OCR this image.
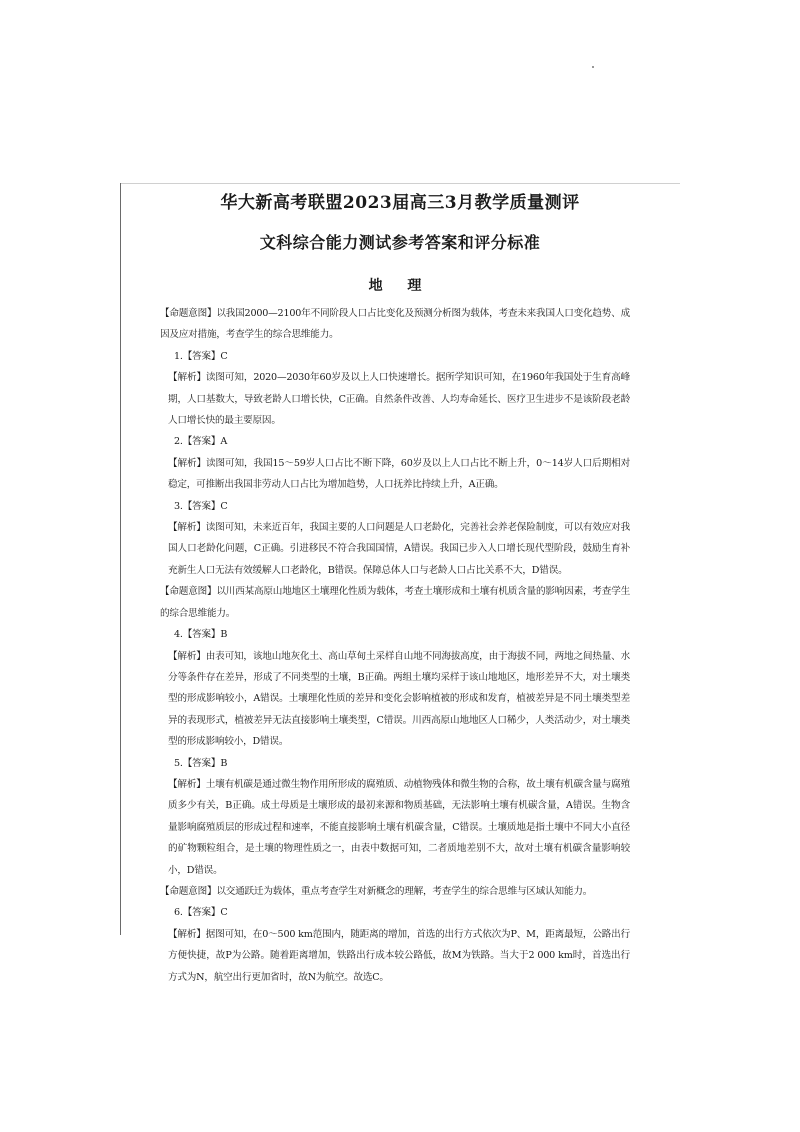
华大新高考联盟2023届高三3月教学质量测评
文科综合能力测试参考答案和评分标准
地 理

【命题意图】以我国2000—2100年不同阶段人口占比变化及预测分析图为载体，考查未来我国人口变化趋势、成因及应对措施，考查学生的综合思维能力。

1.【答案】C

【解析】读图可知，2020—2030年60岁及以上人口快速增长。据所学知识可知，在1960年我国处于生育高峰期，人口基数大，导致老龄人口增长快，C正确。自然条件改善、人均寿命延长、医疗卫生进步不是该阶段老龄人口增长快的最主要原因。

2.【答案】A

【解析】读图可知，我国15～59岁人口占比不断下降，60岁及以上人口占比不断上升，0～14岁人口后期相对稳定，可推断出我国非劳动人口占比为增加趋势，人口抚养比持续上升，A正确。

3.【答案】C

【解析】读图可知，未来近百年，我国主要的人口问题是人口老龄化，完善社会养老保险制度，可以有效应对我国人口老龄化问题，C正确。引进移民不符合我国国情，A错误。我国已步入人口增长现代型阶段，鼓励生育补充新生人口无法有效缓解人口老龄化，B错误。保障总体人口与老龄人口占比关系不大，D错误。

【命题意图】以川西某高原山地地区土壤理化性质为载体，考查土壤形成和土壤有机质含量的影响因素，考查学生的综合思维能力。

4.【答案】B

【解析】由表可知，该地山地灰化土、高山草甸土采样自山地不同海拔高度，由于海拔不同，两地之间热量、水分等条件存在差异，形成了不同类型的土壤，B正确。两组土壤均采样于该山地地区，地形差异不大，对土壤类型的形成影响较小，A错误。土壤理化性质的差异和变化会影响植被的形成和发育，植被差异是不同土壤类型差异的表现形式，植被差异无法直接影响土壤类型，C错误。川西高原山地地区人口稀少，人类活动少，对土壤类型的形成影响较小，D错误。

5.【答案】B

【解析】土壤有机碳是通过微生物作用所形成的腐殖质、动植物残体和微生物的合称，故土壤有机碳含量与腐殖质多少有关，B正确。成土母质是土壤形成的最初来源和物质基础，无法影响土壤有机碳含量，A错误。生物含量影响腐殖质层的形成过程和速率，不能直接影响土壤有机碳含量，C错误。土壤质地是指土壤中不同大小直径的矿物颗粒组合，是土壤的物理性质之一，由表中数据可知，二者质地差别不大，故对土壤有机碳含量影响较小，D错误。

【命题意图】以交通跃迁为载体，重点考查学生对新概念的理解，考查学生的综合思维与区域认知能力。

6.【答案】C

【解析】据图可知，在0～500 km范围内，随距离的增加，首选的出行方式依次为P、M，距离最短，公路出行方便快捷，故P为公路。随着距离增加，铁路出行成本较公路低，故M为铁路。当大于2 000 km时，首选出行方式为N，航空出行更加省时，故N为航空。故选C。
